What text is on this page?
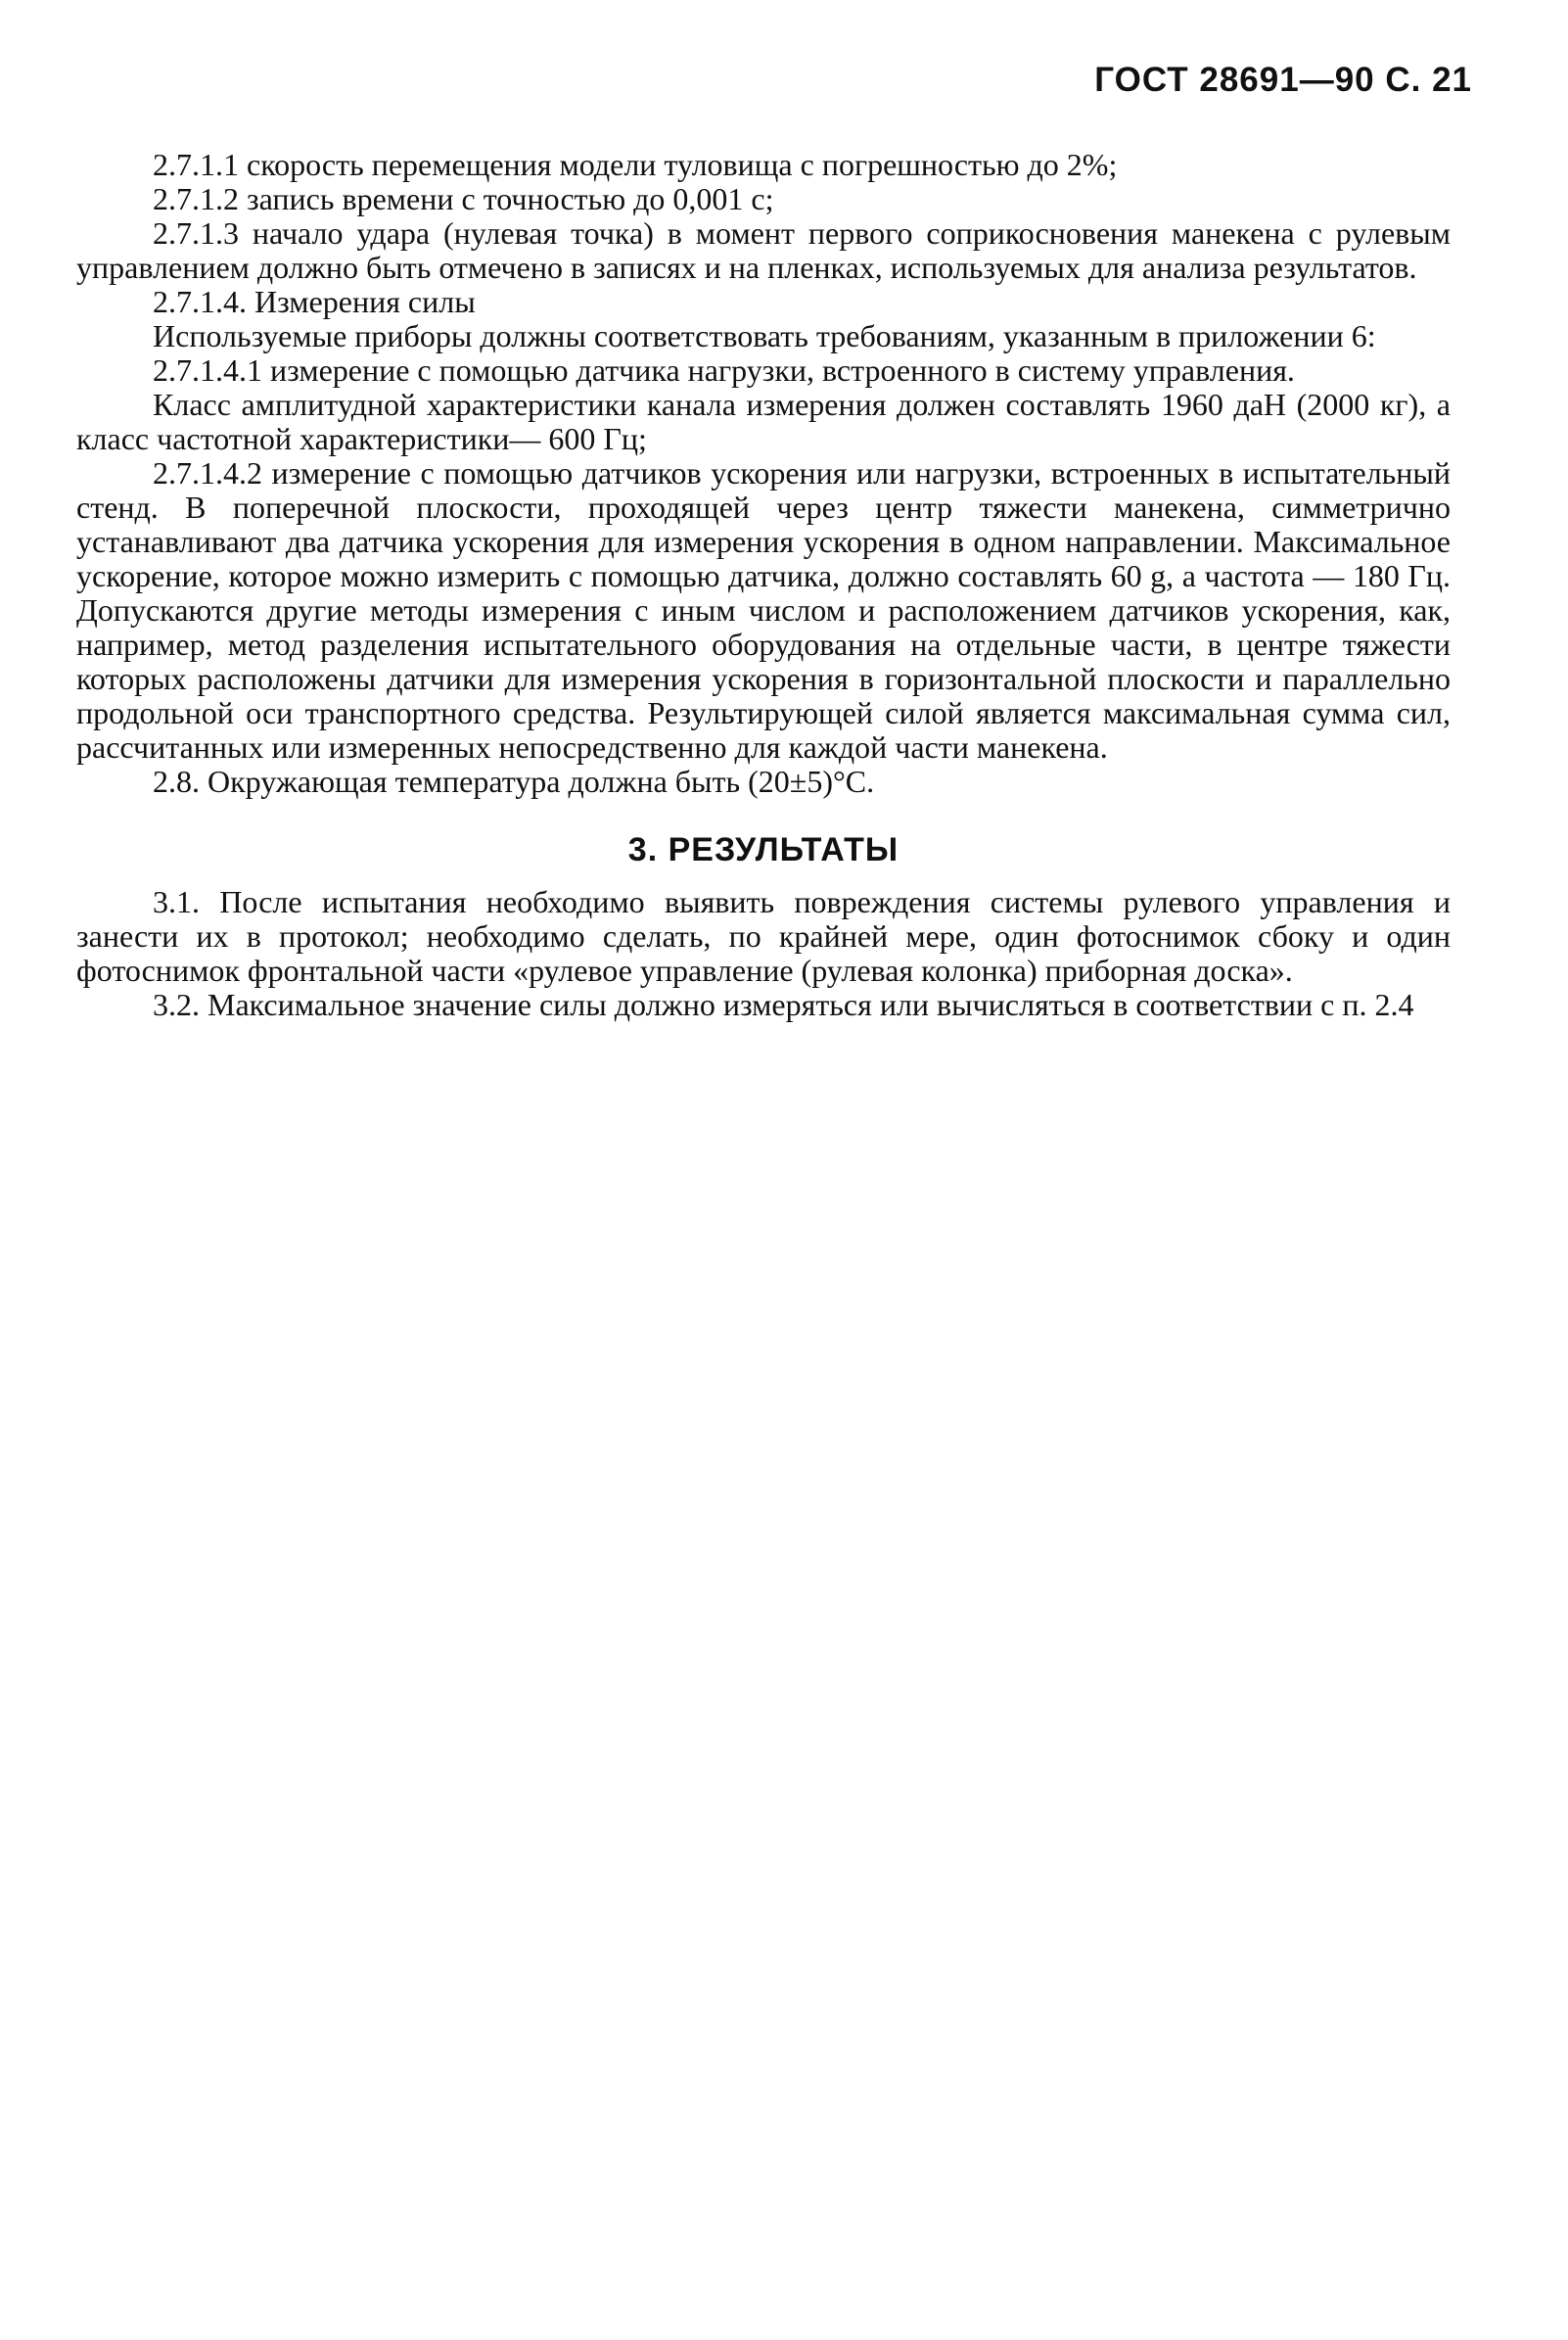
ГОСТ 28691—90 С. 21

2.7.1.1 скорость перемещения модели туловища с погрешностью до 2%;

2.7.1.2 запись времени с точностью до 0,001 с;

2.7.1.3 начало удара (нулевая точка) в момент первого соприкосновения манекена с рулевым управлением должно быть отмечено в записях и на пленках, используемых для анализа результатов.

2.7.1.4. Измерения силы

Используемые приборы должны соответствовать требованиям, указанным в приложении 6:

2.7.1.4.1 измерение с помощью датчика нагрузки, встроенного в систему управления.

Класс амплитудной характеристики канала измерения должен составлять 1960 даН (2000 кг), а класс частотной характеристики— 600 Гц;

2.7.1.4.2 измерение с помощью датчиков ускорения или нагрузки, встроенных в испытательный стенд. В поперечной плоскости, проходящей через центр тяжести манекена, симметрично устанавливают два датчика ускорения для измерения ускорения в одном направлении. Максимальное ускорение, которое можно измерить с помощью датчика, должно составлять 60 g, а частота — 180 Гц. Допускаются другие методы измерения с иным числом и расположением датчиков ускорения, как, например, метод разделения испытательного оборудования на отдельные части, в центре тяжести которых расположены датчики для измерения ускорения в горизонтальной плоскости и параллельно продольной оси транспортного средства. Результирующей силой является максимальная сумма сил, рассчитанных или измеренных непосредственно для каждой части манекена.

2.8. Окружающая температура должна быть (20±5)°С.

3. РЕЗУЛЬТАТЫ

3.1. После испытания необходимо выявить повреждения системы рулевого управления и занести их в протокол; необходимо сделать, по крайней мере, один фотоснимок сбоку и один фотоснимок фронтальной части «рулевое управление (рулевая колонка) приборная доска».

3.2. Максимальное значение силы должно измеряться или вычисляться в соответствии с п. 2.4
